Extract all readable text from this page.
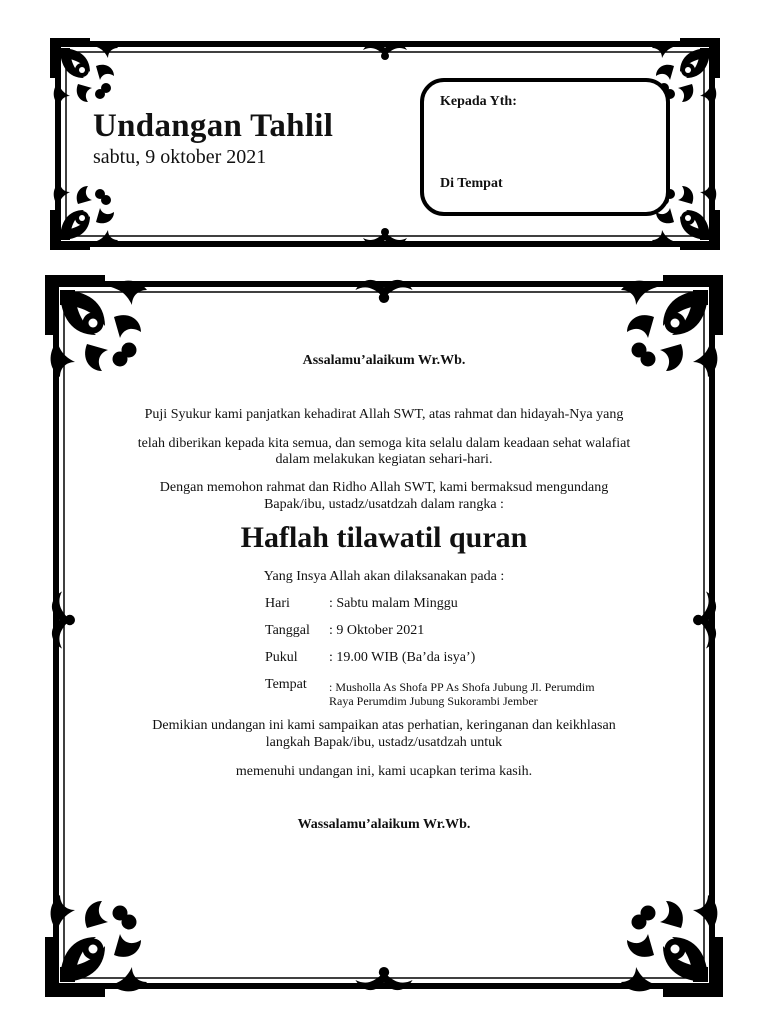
Undangan Tahlil
sabtu, 9 oktober 2021
Kepada Yth:
Di Tempat
Assalamu’alaikum Wr.Wb.
Puji Syukur kami panjatkan kehadirat Allah SWT, atas rahmat dan hidayah-Nya yang
telah diberikan kepada kita semua, dan semoga kita selalu dalam keadaan sehat walafiat
dalam melakukan kegiatan sehari-hari.
Dengan memohon rahmat dan Ridho Allah SWT, kami bermaksud mengundang
Bapak/ibu, ustadz/usatdzah dalam rangka :
Haflah tilawatil quran
Yang Insya Allah akan dilaksanakan pada :
Hari	: Sabtu malam Minggu
Tanggal : 9 Oktober 2021
Pukul : 19.00 WIB (Ba’da isya’)
Tempat : Musholla As Shofa PP As Shofa Jubung Jl. Perumdim
Raya Perumdim Jubung Sukorambi Jember
Demikian undangan ini kami sampaikan atas perhatian, keringanan dan keikhlasan
langkah Bapak/ibu, ustadz/usatdzah untuk
memenuhi undangan ini, kami ucapkan terima kasih.
Wassalamu’alaikum Wr.Wb.
